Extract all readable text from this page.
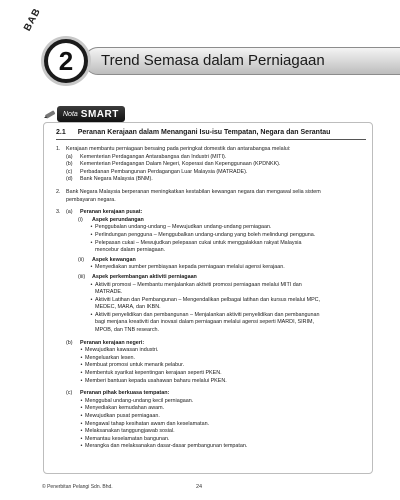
BAB
Trend Semasa dalam Perniagaan
2
Nota SMART
2.1 Peranan Kerajaan dalam Menangani Isu-isu Tempatan, Negara dan Serantau
1.	Kerajaan membantu perniagaan bersaing pada peringkat domestik dan antarabangsa melalui:
(a)	Kementerian Perdagangan Antarabangsa dan Industri (MITI).
(b)	Kementerian Perdagangan Dalam Negeri, Koperasi dan Kepenggunaan (KPDNKK).
(c)	Perbadanan Pembangunan Perdagangan Luar Malaysia (MATRADE).
(d)	Bank Negara Malaysia (BNM).
2.	Bank Negara Malaysia berperanan meningkatkan kestabilan kewangan negara dan mengawal selia sistem
pembayaran negara.
3.	(a)	Peranan kerajaan pusat:
(i)	Aspek perundangan
• Penggubalan undang-undang – Mewujudkan undang-undang perniagaan.
• Perlindungan pengguna – Menggubalkan undang-undang yang boleh melindungi pengguna.
• Pelepasan cukai – Mewujudkan pelepasan cukai untuk menggalakkan rakyat Malaysia
mencebur dalam perniagaan.
(ii)	Aspek kewangan
• Menyediakan sumber pembiayaan kepada perniagaan melalui agensi kerajaan.
(iii)	Aspek perkembangan aktiviti perniagaan
• Aktiviti promosi – Membantu menjalankan aktiviti promosi perniagaan melalui MITI dan
MATRADE.
• Aktiviti Latihan dan Pembangunan – Mengendalikan pelbagai latihan dan kursus melalui MPC,
MEDEC, MARA, dan IKBN.
• Aktiviti penyelidikan dan pembangunan – Menjalankan aktiviti penyelidikan dan pembangunan
bagi menjana kreativiti dan inovasi dalam perniagaan melalui agensi seperti MARDI, SIRIM,
MPOB, dan TNB research.
(b)	Peranan kerajaan negeri:
• Mewujudkan kawasan industri.
• Mengeluarkan lesen.
• Membuat promosi untuk menarik pelabur.
• Membentuk syarikat kepentingan kerajaan seperti PKEN.
• Memberi bantuan kepada usahawan baharu melalui PKEN.
(c)	Peranan pihak berkuasa tempatan:
• Menggubal undang-undang kecil perniagaan.
• Menyediakan kemudahan awam.
• Mewujudkan pusat perniagaan.
• Mengawal tahap kesihatan awam dan keselamatan.
• Melaksanakan tanggungjawab sosial.
• Memantau keselamatan bangunan.
• Merangka dan melaksanakan dasar-dasar pembangunan tempatan.
© Penerbitan Pelangi Sdn. Bhd.	24
